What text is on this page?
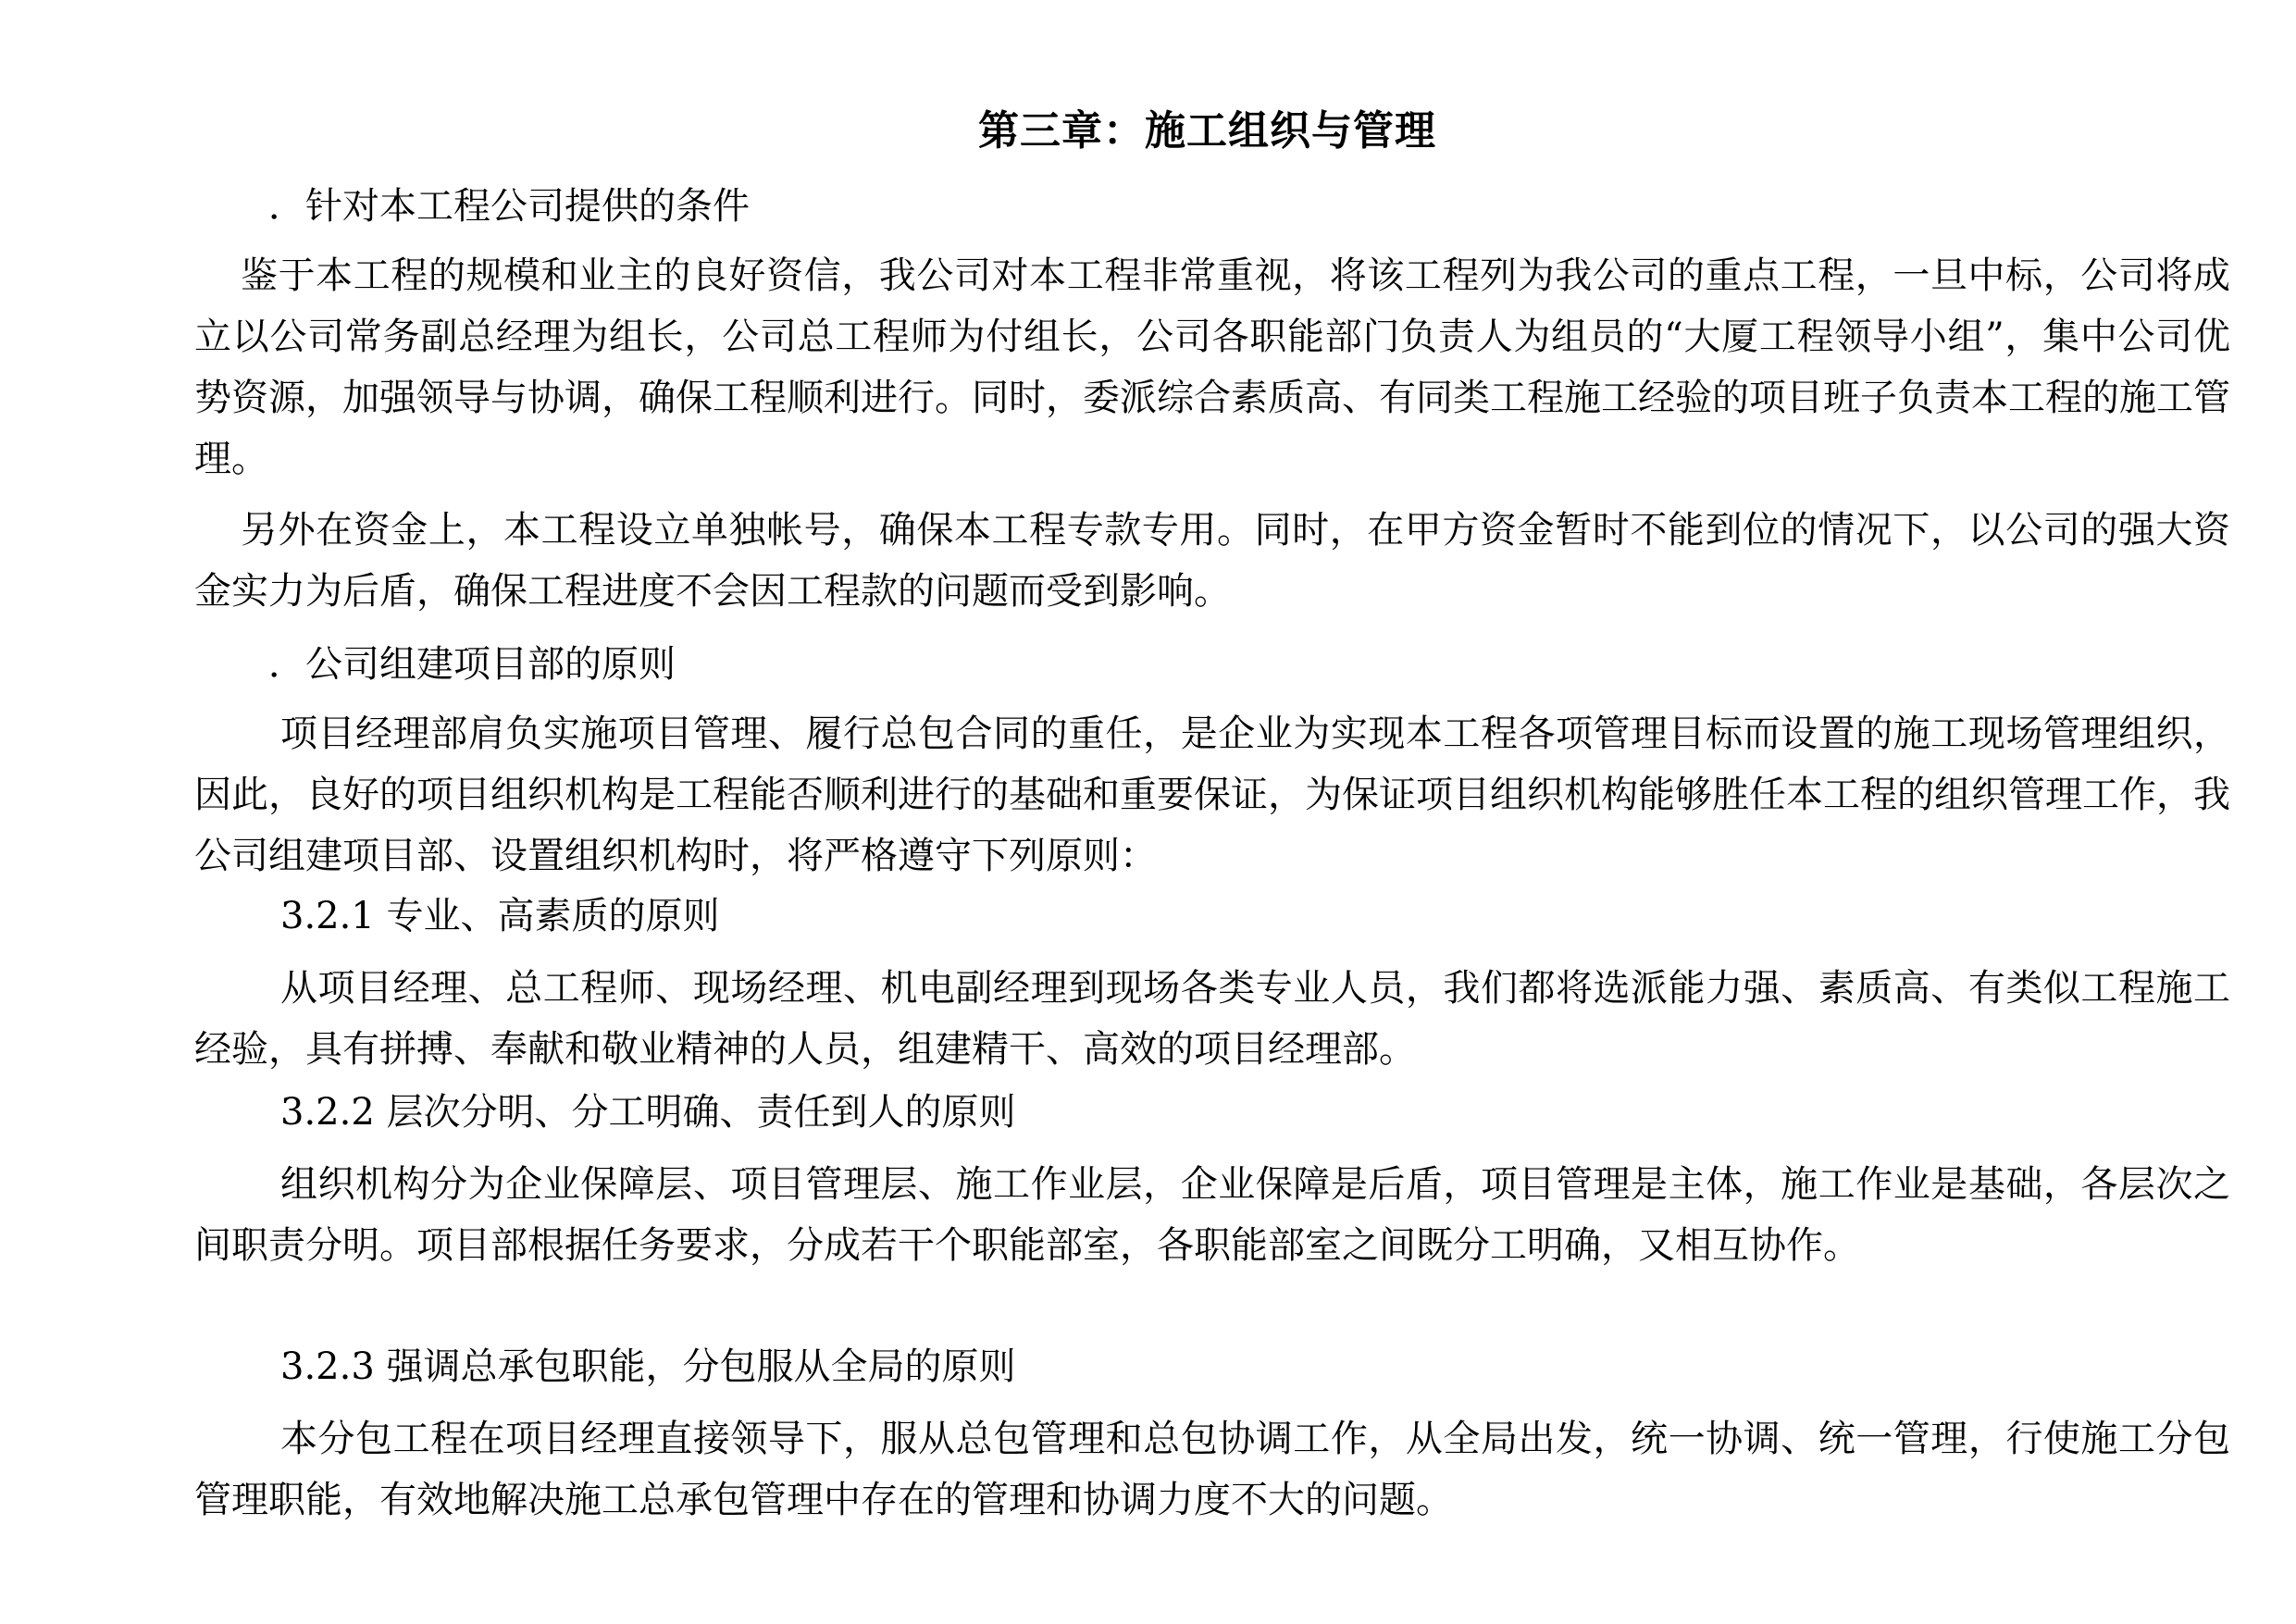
第三章：施工组织与管理
．针对本工程公司提供的条件
鉴于本工程的规模和业主的良好资信，我公司对本工程非常重视，将该工程列为我公司的重点工程，一旦中标，公司将成立以公司常务副总经理为组长，公司总工程师为付组长，公司各职能部门负责人为组员的“大厦工程领导小组”，集中公司优势资源，加强领导与协调，确保工程顺利进行。同时，委派综合素质高、有同类工程施工经验的项目班子负责本工程的施工管理。
另外在资金上，本工程设立单独帐号，确保本工程专款专用。同时，在甲方资金暂时不能到位的情况下，以公司的强大资金实力为后盾，确保工程进度不会因工程款的问题而受到影响。
．公司组建项目部的原则
项目经理部肩负实施项目管理、履行总包合同的重任，是企业为实现本工程各项管理目标而设置的施工现场管理组织，因此，良好的项目组织机构是工程能否顺利进行的基础和重要保证，为保证项目组织机构能够胜任本工程的组织管理工作，我公司组建项目部、设置组织机构时，将严格遵守下列原则：
3.2.1 专业、高素质的原则
从项目经理、总工程师、现场经理、机电副经理到现场各类专业人员，我们都将选派能力强、素质高、有类似工程施工经验，具有拼搏、奉献和敬业精神的人员，组建精干、高效的项目经理部。
3.2.2 层次分明、分工明确、责任到人的原则
组织机构分为企业保障层、项目管理层、施工作业层，企业保障是后盾，项目管理是主体，施工作业是基础，各层次之间职责分明。项目部根据任务要求，分成若干个职能部室，各职能部室之间既分工明确，又相互协作。
3.2.3 强调总承包职能，分包服从全局的原则
本分包工程在项目经理直接领导下，服从总包管理和总包协调工作，从全局出发，统一协调、统一管理，行使施工分包管理职能，有效地解决施工总承包管理中存在的管理和协调力度不大的问题。
